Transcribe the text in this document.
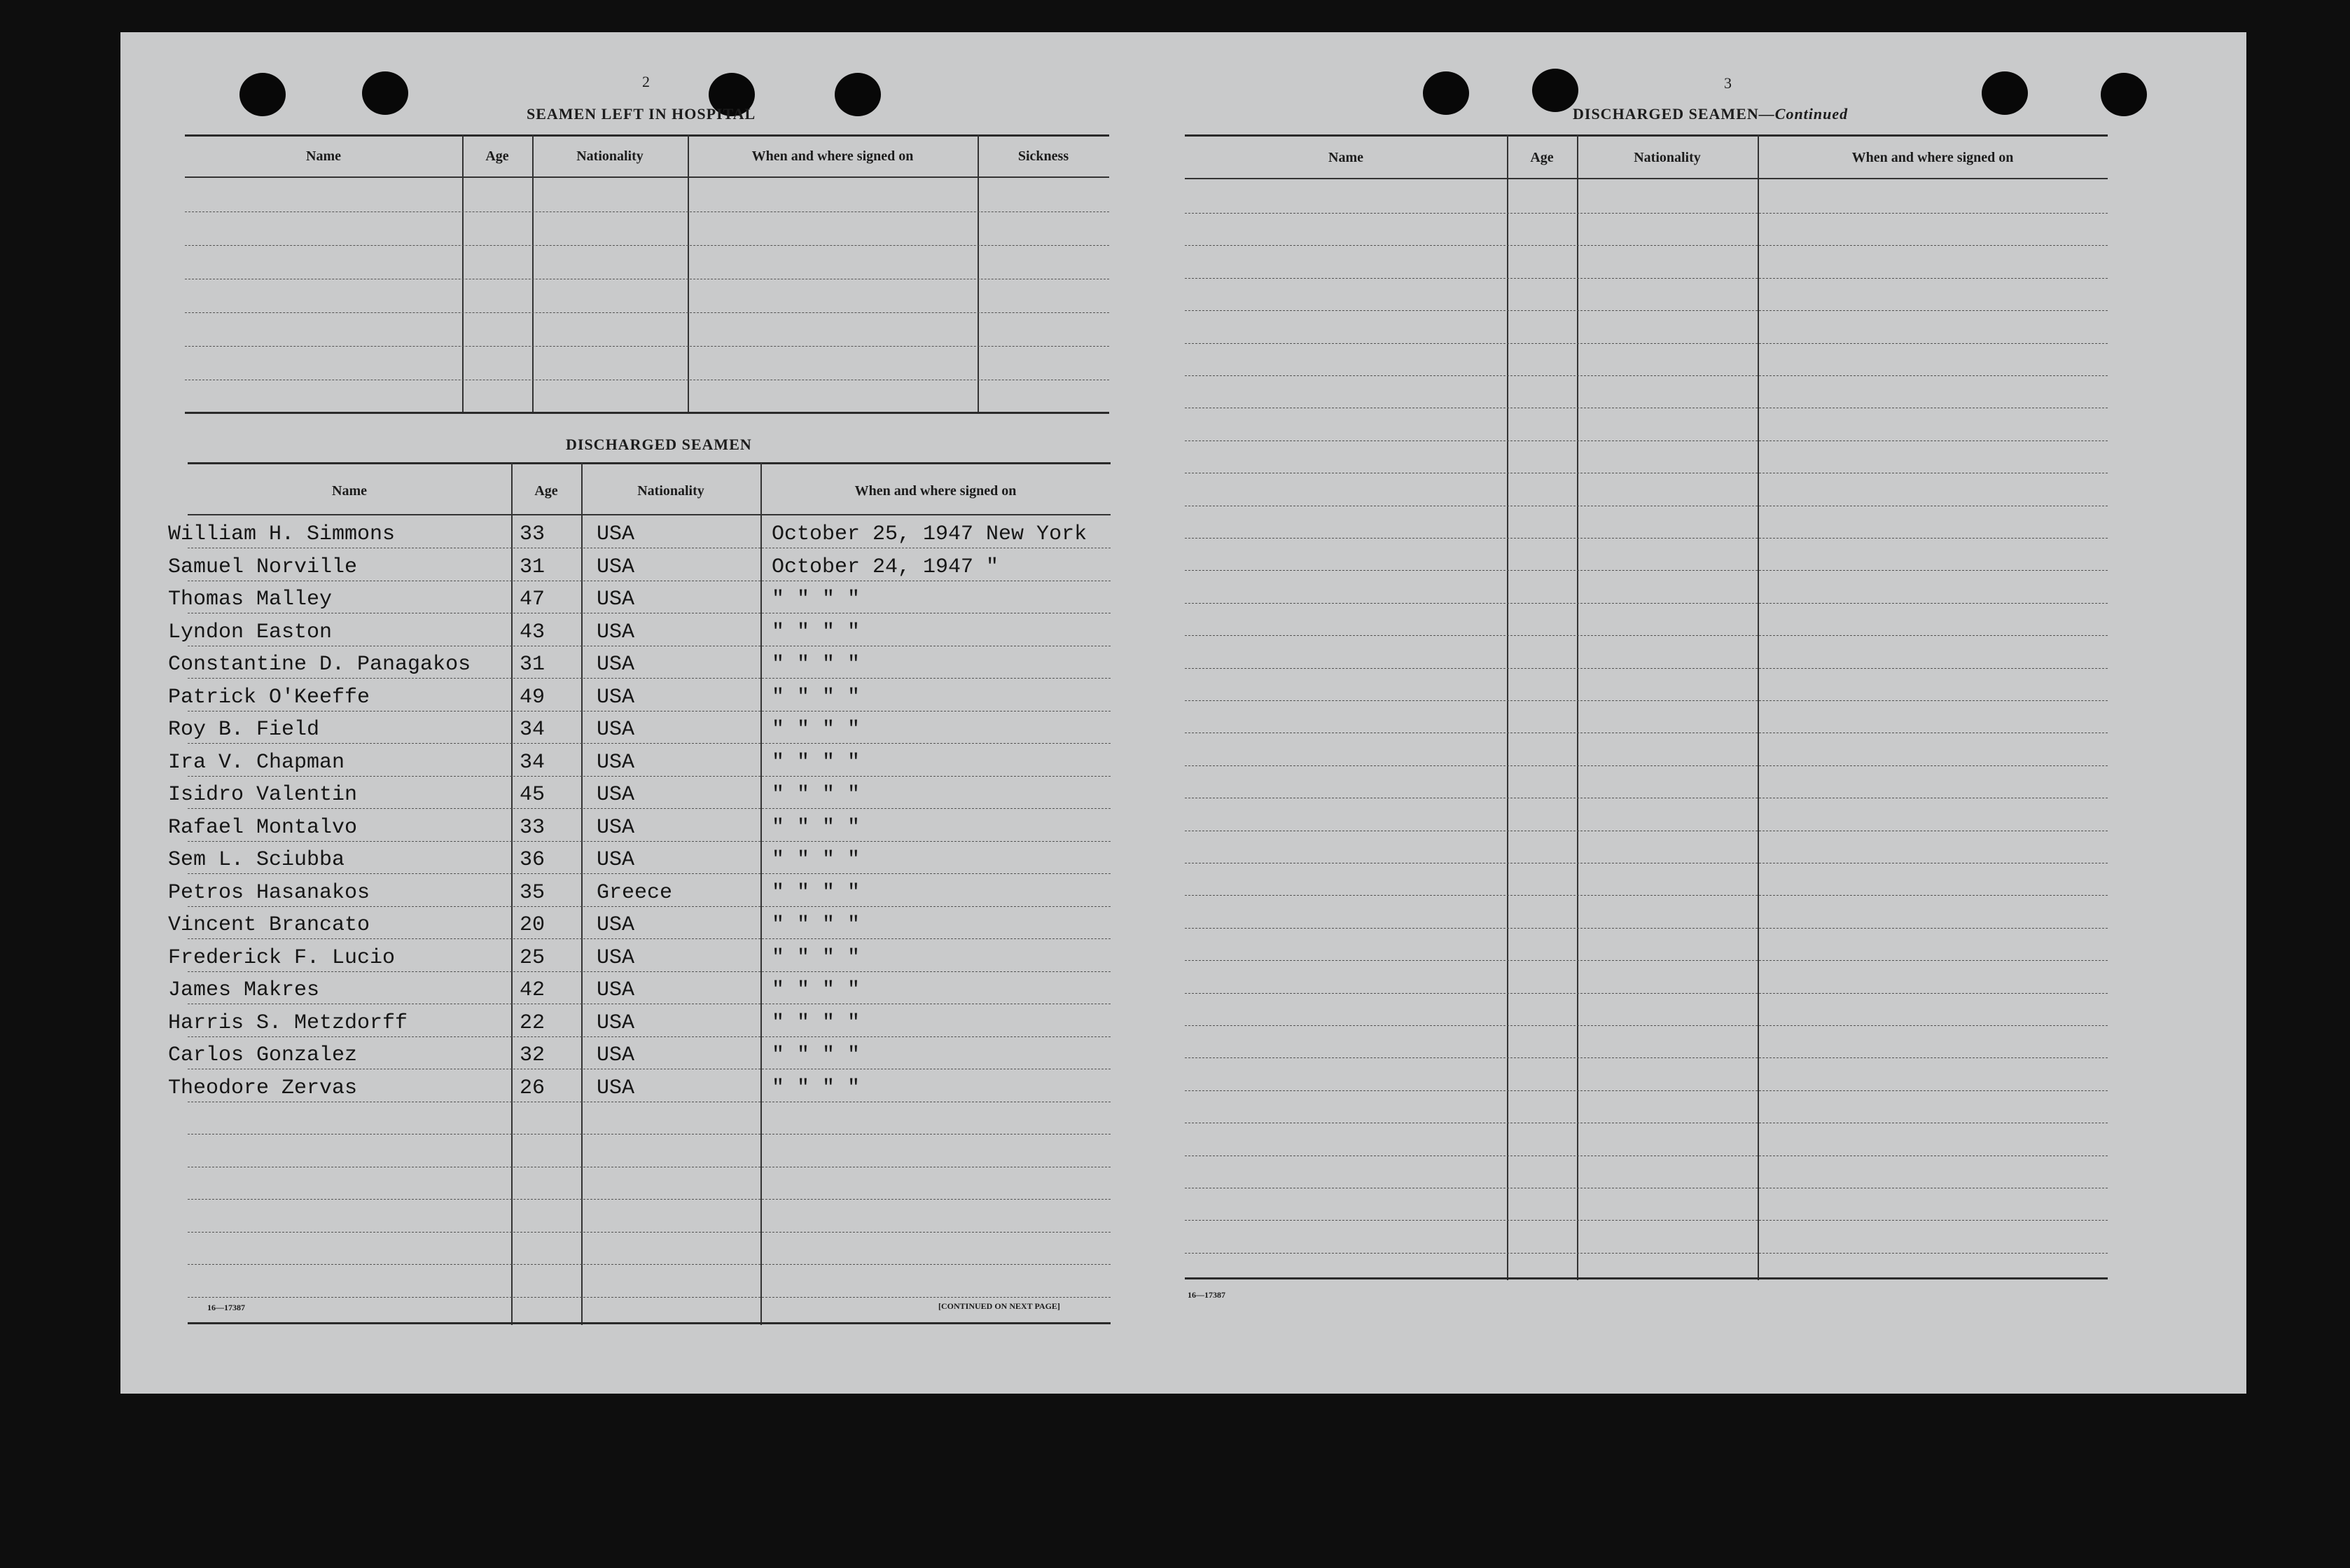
2
SEAMEN LEFT IN HOSPITAL
Name	Age	Nationality	When and where signed on	Sickness
DISCHARGED SEAMEN
Name	Age	Nationality	When and where signed on
William H. Simmons	33 USA	October 25, 1947 New York
Samuel Norville	31 USA	October 24, 1947 "
Thomas Malley	47 USA	" " " "
Lyndon Easton	43 USA	" " " "
Constantine D. Panagakos 31 USA	" " " "
Patrick O'Keeffe	49 USA	" " " "
Roy B. Field	34 USA	" " " "
Ira V. Chapman	34 USA	" " " "
Isidro Valentin	45 USA	" " " "
Rafael Montalvo	33 USA	" " " "
Sem L. Sciubba	36 USA	" " " "
Petros Hasanakos	35 Greece	" " " "
Vincent Brancato	20 USA	" " " "
Frederick F. Lucio	25 USA	" " " "
James Makres	42 USA	" " " "
Harris S. Metzdorff	22 USA	" " " "
Carlos Gonzalez	32 USA	" " " "
Theodore Zervas	26 USA	" " " "
16—17387	[CONTINUED ON NEXT PAGE]
3
DISCHARGED SEAMEN—Continued
Name	Age	Nationality	When and where signed on
16—17387
